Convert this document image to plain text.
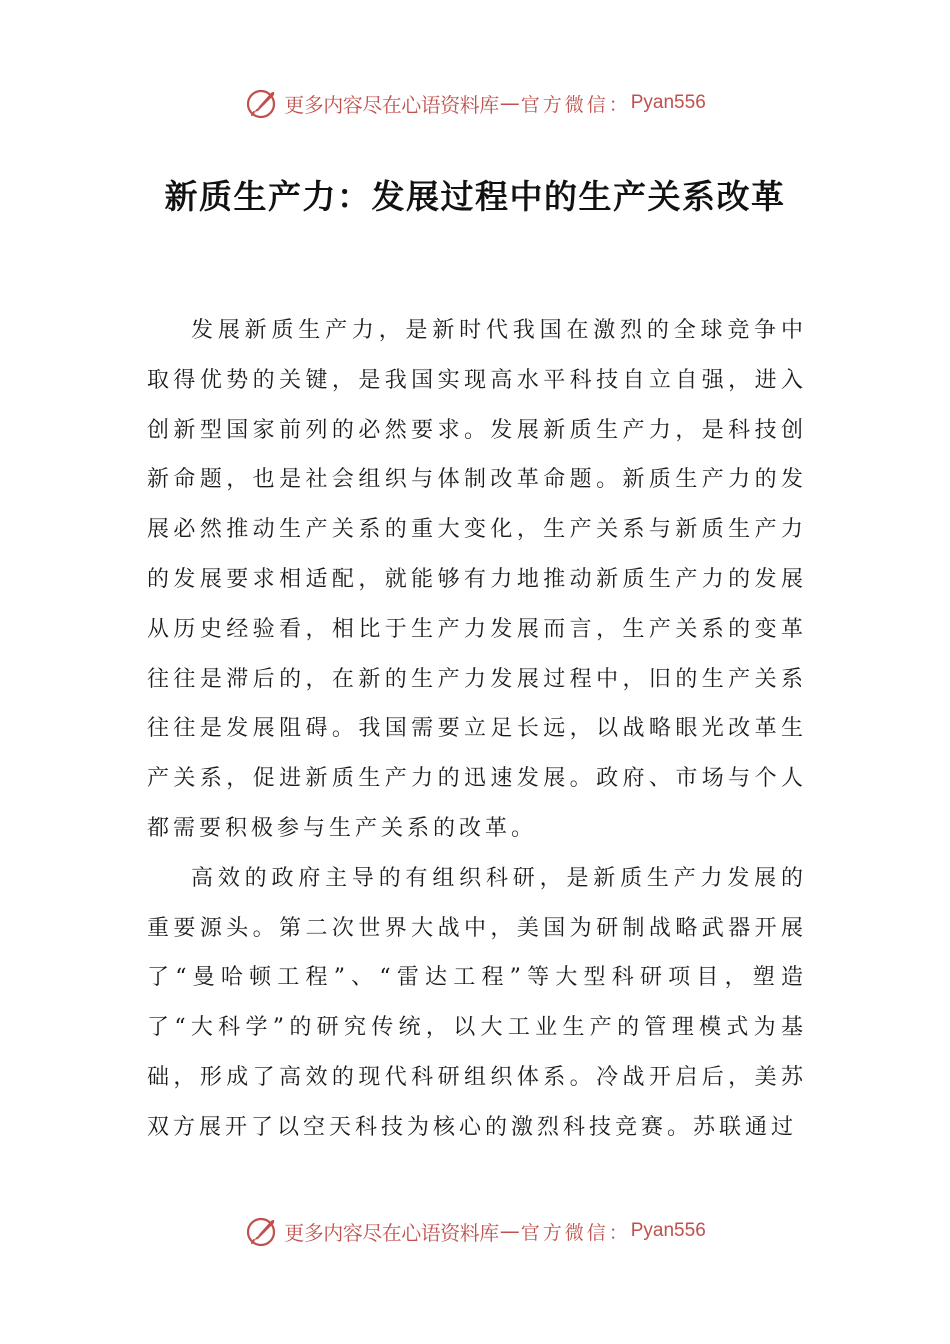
更多内容尽在心语资料库 — 官方微信： Pyan556
新质生产力：发展过程中的生产关系改革

发展新质生产力，是新时代我国在激烈的全球竞争中取得优势的关键，是我国实现高水平科技自立自强，进入创新型国家前列的必然要求。发展新质生产力，是科技创新命题，也是社会组织与体制改革命题。新质生产力的发展必然推动生产关系的重大变化，生产关系与新质生产力的发展要求相适配，就能够有力地推动新质生产力的发展从历史经验看，相比于生产力发展而言，生产关系的变革往往是滞后的，在新的生产力发展过程中，旧的生产关系往往是发展阻碍。我国需要立足长远，以战略眼光改革生产关系，促进新质生产力的迅速发展。政府、市场与个人都需要积极参与生产关系的改革。

高效的政府主导的有组织科研，是新质生产力发展的重要源头。第二次世界大战中，美国为研制战略武器开展了“曼哈顿工程”、“雷达工程”等大型科研项目，塑造了“大科学”的研究传统，以大工业生产的管理模式为基础，形成了高效的现代科研组织体系。冷战开启后，美苏双方展开了以空天科技为核心的激烈科技竞赛。苏联通过

更多内容尽在心语资料库 — 官方微信： Pyan556
